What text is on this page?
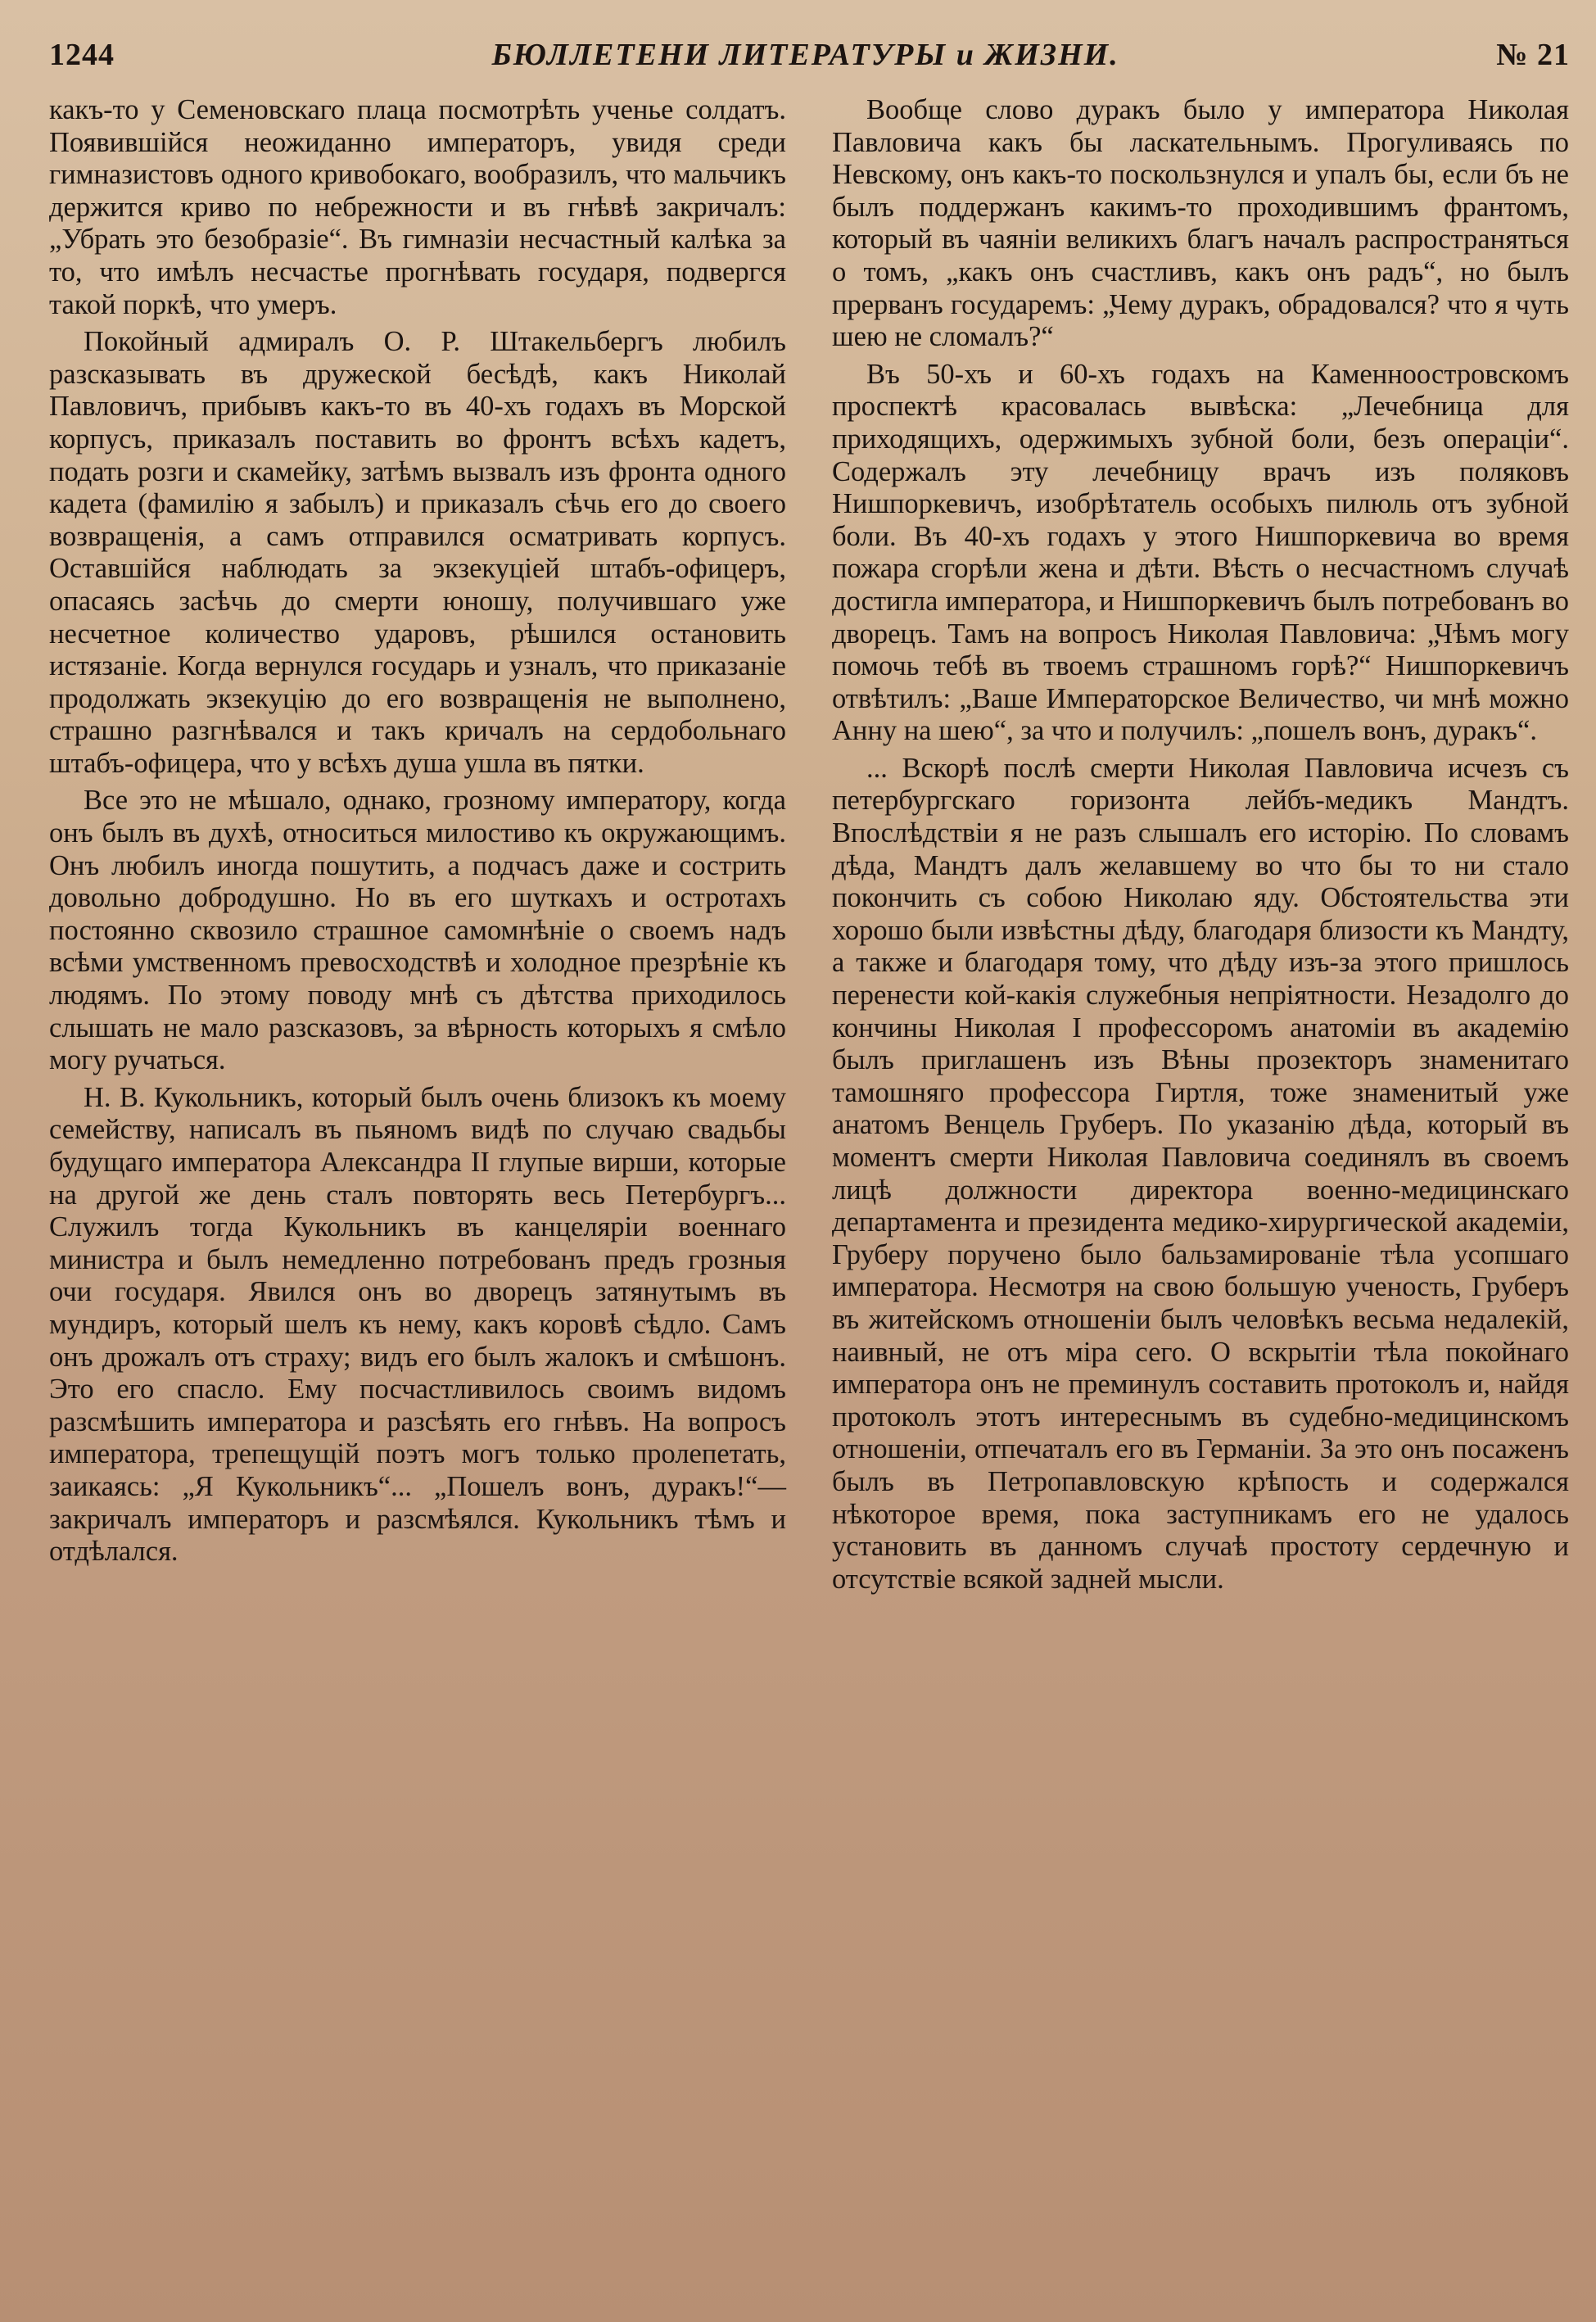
1244	БЮЛЛЕТЕНИ ЛИТЕРАТУРЫ и ЖИЗНИ.	№ 21

какъ-то у Семеновскаго плаца посмотрѣть ученье солдатъ. Появившійся неожиданно императоръ, увидя среди гимназистовъ одного кривобокаго, вообразилъ, что мальчикъ держится криво по небрежности и въ гнѣвѣ закричалъ: „Убрать это безобразіе“. Въ гимназіи несчастный калѣка за то, что имѣлъ несчастье прогнѣвать государя, подвергся такой поркѣ, что умеръ.

Покойный адмиралъ О. Р. Штакельбергъ любилъ разсказывать въ дружеской бесѣдѣ, какъ Николай Павловичъ, прибывъ какъ-то въ 40-хъ годахъ въ Морской корпусъ, приказалъ поставить во фронтъ всѣхъ кадетъ, подать розги и скамейку, затѣмъ вызвалъ изъ фронта одного кадета (фамилію я забылъ) и приказалъ сѣчь его до своего возвращенія, а самъ отправился осматривать корпусъ. Оставшійся наблюдать за экзекуціей штабъ-офицеръ, опасаясь засѣчь до смерти юношу, получившаго уже несчетное количество ударовъ, рѣшился остановить истязаніе. Когда вернулся государь и узналъ, что приказаніе продолжать экзекуцію до его возвращенія не выполнено, страшно разгнѣвался и такъ кричалъ на сердобольнаго штабъ-офицера, что у всѣхъ душа ушла въ пятки.

Все это не мѣшало, однако, грозному императору, когда онъ былъ въ духѣ, относиться милостиво къ окружающимъ. Онъ любилъ иногда пошутить, а подчасъ даже и сострить довольно добродушно. Но въ его шуткахъ и остротахъ постоянно сквозило страшное самомнѣніе о своемъ надъ всѣми умственномъ превосходствѣ и холодное презрѣніе къ людямъ. По этому поводу мнѣ съ дѣтства приходилось слышать не мало разсказовъ, за вѣрность которыхъ я смѣло могу ручаться.

Н. В. Кукольникъ, который былъ очень близокъ къ моему семейству, написалъ въ пьяномъ видѣ по случаю свадьбы будущаго императора Александра II глупые вирши, которые на другой же день сталъ повторять весь Петербургъ... Служилъ тогда Кукольникъ въ канцеляріи военнаго министра и былъ немедленно потребованъ предъ грозныя очи государя. Явился онъ во дворецъ затянутымъ въ мундиръ, который шелъ къ нему, какъ коровѣ сѣдло. Самъ онъ дрожалъ отъ страху; видъ его былъ жалокъ и смѣшонъ. Это его спасло. Ему посчастливилось своимъ видомъ разсмѣшить императора и разсѣять его гнѣвъ. На вопросъ императора, трепещущій поэтъ могъ только пролепетать, заикаясь: „Я Кукольникъ“... „Пошелъ вонъ, дуракъ!“—закричалъ императоръ и разсмѣялся. Кукольникъ тѣмъ и отдѣлался.

Вообще слово дуракъ было у императора Николая Павловича какъ бы ласкательнымъ. Прогуливаясь по Невскому, онъ какъ-то поскользнулся и упалъ бы, если бъ не былъ поддержанъ какимъ-то проходившимъ франтомъ, который въ чаяніи великихъ благъ началъ распространяться о томъ, „какъ онъ счастливъ, какъ онъ радъ“, но былъ прерванъ государемъ: „Чему дуракъ, обрадовался? что я чуть шею не сломалъ?“

Въ 50-хъ и 60-хъ годахъ на Каменноостровскомъ проспектѣ красовалась вывѣска: „Лечебница для приходящихъ, одержимыхъ зубной боли, безъ операціи“. Содержалъ эту лечебницу врачъ изъ поляковъ Нишпоркевичъ, изобрѣтатель особыхъ пилюль отъ зубной боли. Въ 40-хъ годахъ у этого Нишпоркевича во время пожара сгорѣли жена и дѣти. Вѣсть о несчастномъ случаѣ достигла императора, и Нишпоркевичъ былъ потребованъ во дворецъ. Тамъ на вопросъ Николая Павловича: „Чѣмъ могу помочь тебѣ въ твоемъ страшномъ горѣ?“ Нишпоркевичъ отвѣтилъ: „Ваше Императорское Величество, чи мнѣ можно Анну на шею“, за что и получилъ: „пошелъ вонъ, дуракъ“.

... Вскорѣ послѣ смерти Николая Павловича исчезъ съ петербургскаго горизонта лейбъ-медикъ Мандтъ. Впослѣдствіи я не разъ слышалъ его исторію. По словамъ дѣда, Мандтъ далъ желавшему во что бы то ни стало покончить съ собою Николаю яду. Обстоятельства эти хорошо были извѣстны дѣду, благодаря близости къ Мандту, а также и благодаря тому, что дѣду изъ-за этого пришлось перенести кой-какія служебныя непріятности. Незадолго до кончины Николая I профессоромъ анатоміи въ академію былъ приглашенъ изъ Вѣны прозекторъ знаменитаго тамошняго профессора Гиртля, тоже знаменитый уже анатомъ Венцель Груберъ. По указанію дѣда, который въ моментъ смерти Николая Павловича соединялъ въ своемъ лицѣ должности директора военно-медицинскаго департамента и президента медико-хирургической академіи, Груберу поручено было бальзамированіе тѣла усопшаго императора. Несмотря на свою большую ученость, Груберъ въ житейскомъ отношеніи былъ человѣкъ весьма недалекій, наивный, не отъ міра сего. О вскрытіи тѣла покойнаго императора онъ не преминулъ составить протоколъ и, найдя протоколъ этотъ интереснымъ въ судебно-медицинскомъ отношеніи, отпечаталъ его въ Германіи. За это онъ посаженъ былъ въ Петропавловскую крѣпость и содержался нѣкоторое время, пока заступникамъ его не удалось установить въ данномъ случаѣ простоту сердечную и отсутствіе всякой задней мысли.
